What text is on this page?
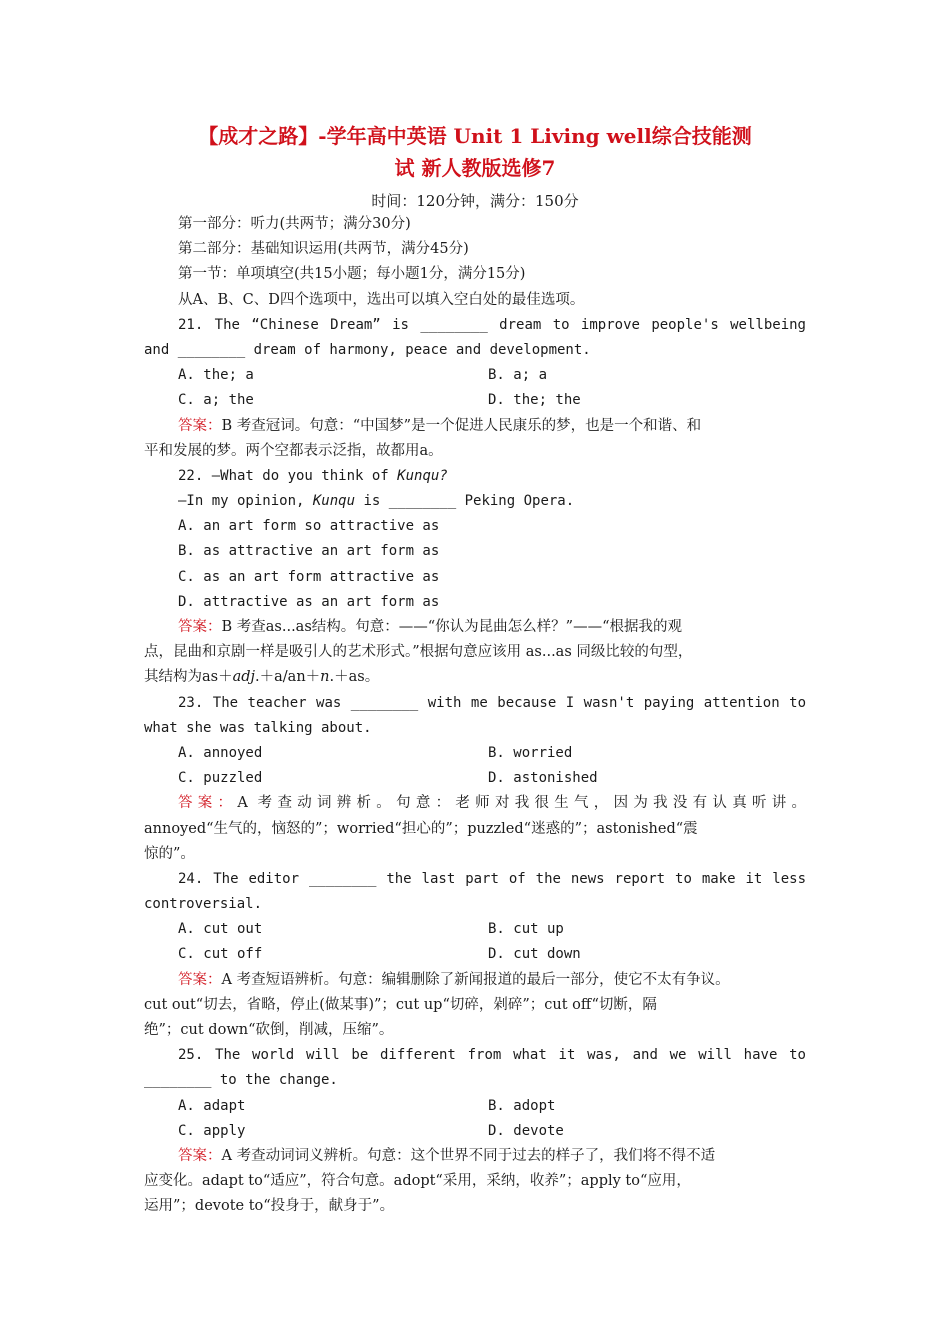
【成才之路】-学年高中英语 Unit 1 Living well综合技能测
试 新人教版选修7
时间：120分钟，满分：150分
第一部分：听力(共两节；满分30分)
第二部分：基础知识运用(共两节，满分45分)
第一节：单项填空(共15小题；每小题1分，满分15分)
从A、B、C、D四个选项中，选出可以填入空白处的最佳选项。
21. The “Chinese Dream” is ________ dream to improve people's wellbeing
and ________ dream of harmony, peace and development.
A. the; a	B. a; a
C. a; the	D. the; the
答案：B 考查冠词。句意：“中国梦”是一个促进人民康乐的梦，也是一个和谐、和
平和发展的梦。两个空都表示泛指，故都用a。
22. —What do you think of Kunqu?
—In my opinion, Kunqu is ________ Peking Opera.
A. an art form so attractive as
B. as attractive an art form as
C. as an art form attractive as
D. attractive as an art form as
答案：B 考查as...as结构。句意：——“你认为昆曲怎么样？”——“根据我的观
点，昆曲和京剧一样是吸引人的艺术形式。”根据句意应该用 as...as 同级比较的句型，
其结构为as＋adj.＋a/an＋n.＋as。
23. The teacher was ________ with me because I wasn't paying attention to
what she was talking about.
A. annoyed	B. worried
C. puzzled	D. astonished
答案：A 考查动词辨析。句意：老师对我很生气，因为我没有认真听讲。
annoyed“生气的，恼怒的”；worried“担心的”；puzzled“迷惑的”；astonished“震
惊的”。
24. The editor ________ the last part of the news report to make it less
controversial.
A. cut out	B. cut up
C. cut off	D. cut down
答案：A 考查短语辨析。句意：编辑删除了新闻报道的最后一部分，使它不太有争议。
cut out“切去，省略，停止(做某事)”；cut up“切碎，剁碎”；cut off“切断，隔
绝”；cut down“砍倒，削减，压缩”。
25. The world will be different from what it was, and we will have to
________ to the change.
A. adapt	B. adopt
C. apply	D. devote
答案：A 考查动词词义辨析。句意：这个世界不同于过去的样子了，我们将不得不适
应变化。adapt to“适应”，符合句意。adopt“采用，采纳，收养”；apply to“应用，
运用”；devote to“投身于，献身于”。
